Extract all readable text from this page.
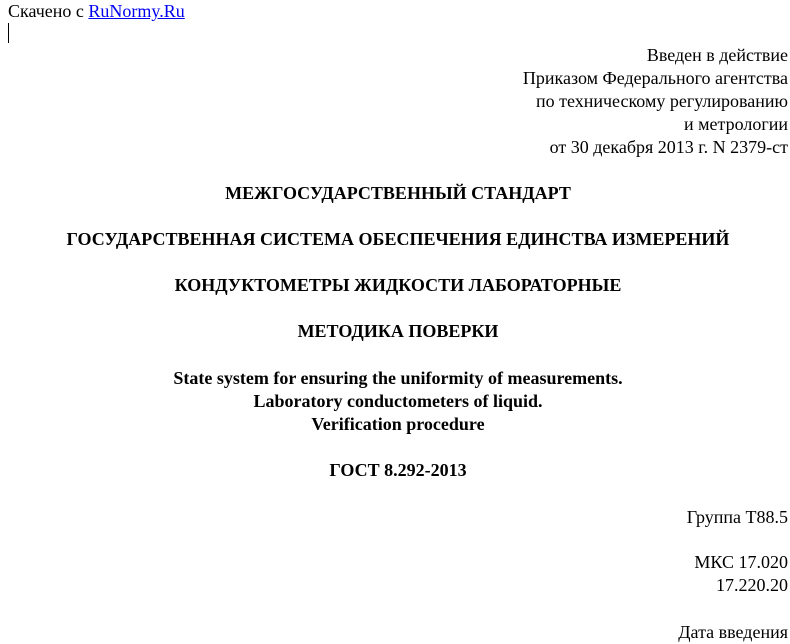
Скачено с RuNormy.Ru
Введен в действие
Приказом Федерального агентства
по техническому регулированию
и метрологии
от 30 декабря 2013 г. N 2379-ст
МЕЖГОСУДАРСТВЕННЫЙ СТАНДАРТ
ГОСУДАРСТВЕННАЯ СИСТЕМА ОБЕСПЕЧЕНИЯ ЕДИНСТВА ИЗМЕРЕНИЙ
КОНДУКТОМЕТРЫ ЖИДКОСТИ ЛАБОРАТОРНЫЕ
МЕТОДИКА ПОВЕРКИ
State system for ensuring the uniformity of measurements.
Laboratory conductometers of liquid.
Verification procedure
ГОСТ 8.292-2013
Группа Т88.5
МКС 17.020
17.220.20
Дата введения
